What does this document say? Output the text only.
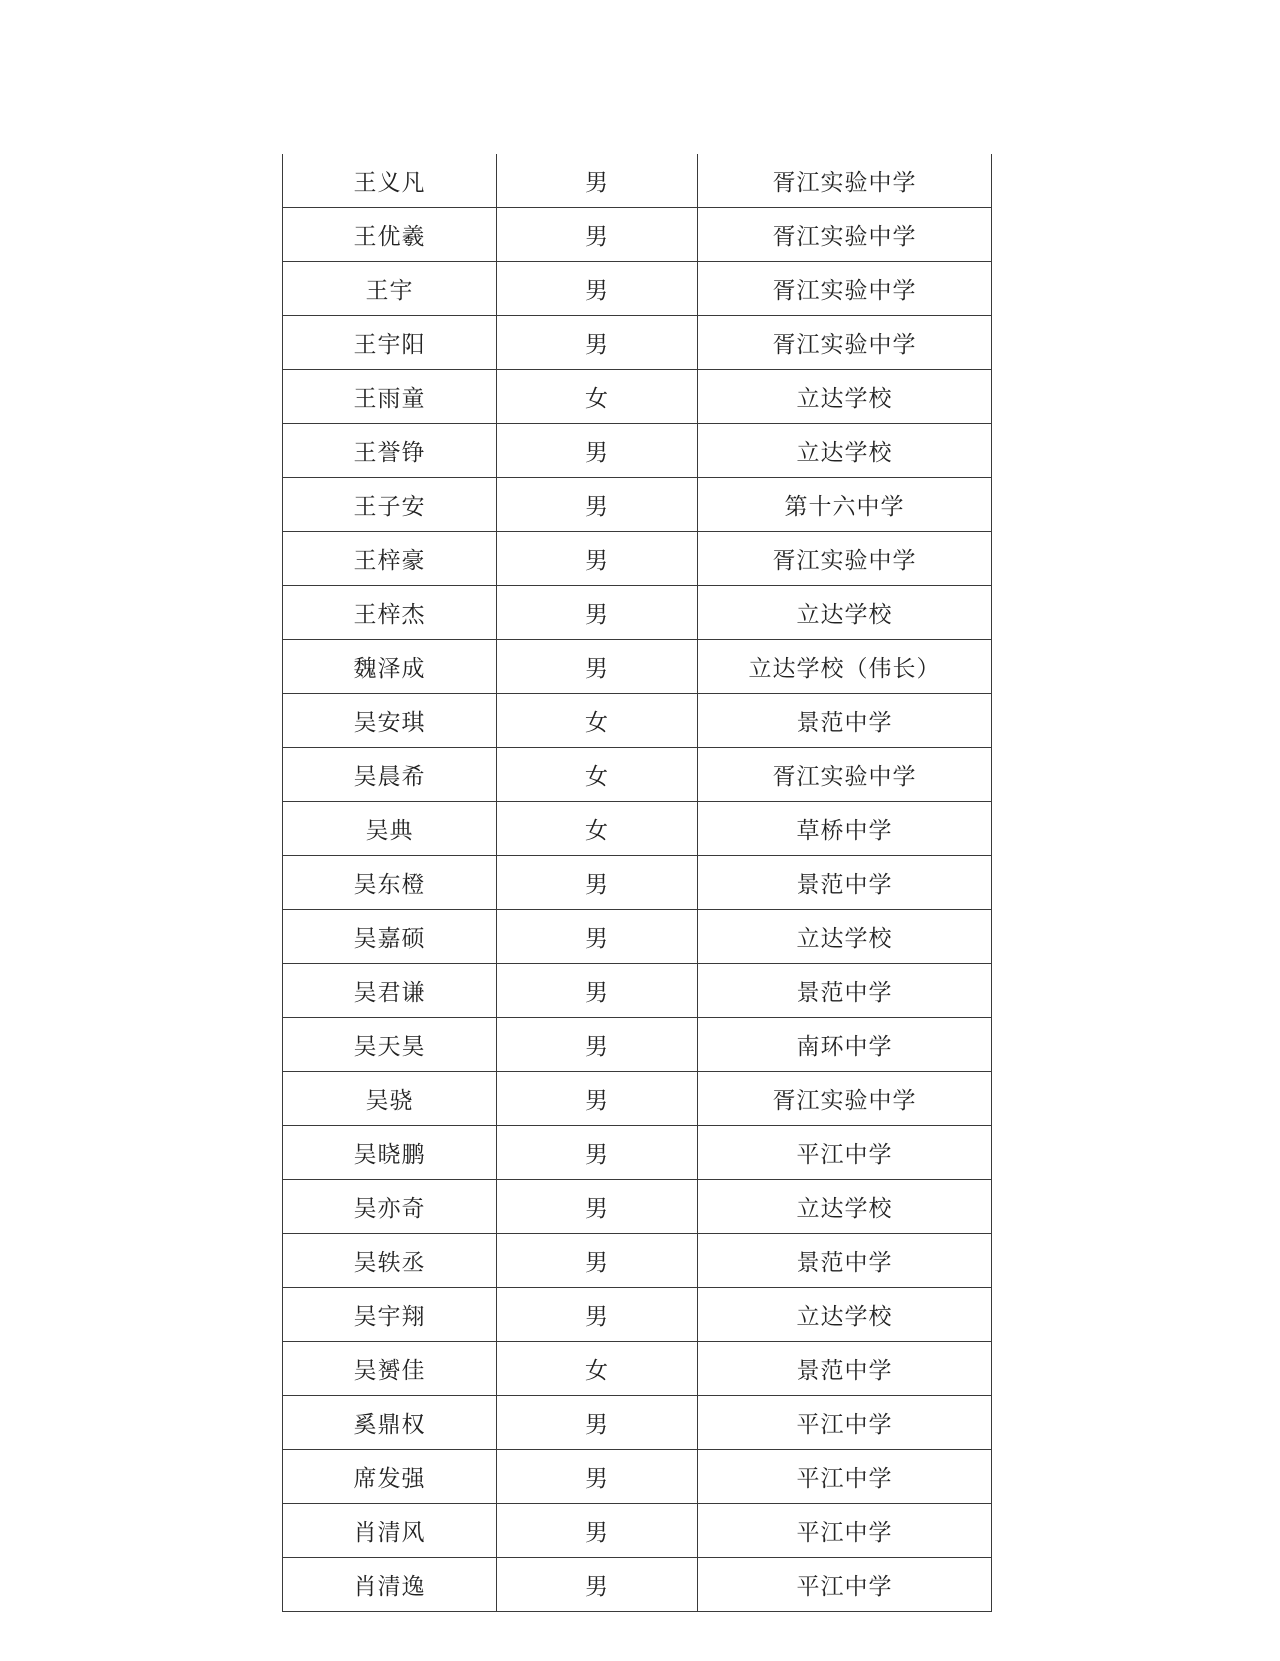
王义凡	男	胥江实验中学
王优羲	男	胥江实验中学
王宇	男	胥江实验中学
王宇阳	男	胥江实验中学
王雨童	女	立达学校
王誉铮	男	立达学校
王子安	男	第十六中学
王梓豪	男	胥江实验中学
王梓杰	男	立达学校
魏泽成	男	立达学校（伟长）
吴安琪	女	景范中学
吴晨希	女	胥江实验中学
吴典	女	草桥中学
吴东橙	男	景范中学
吴嘉硕	男	立达学校
吴君谦	男	景范中学
吴天昊	男	南环中学
吴骁	男	胥江实验中学
吴晓鹏	男	平江中学
吴亦奇	男	立达学校
吴轶丞	男	景范中学
吴宇翔	男	立达学校
吴赟佳	女	景范中学
奚鼎权	男	平江中学
席发强	男	平江中学
肖清风	男	平江中学
肖清逸	男	平江中学
